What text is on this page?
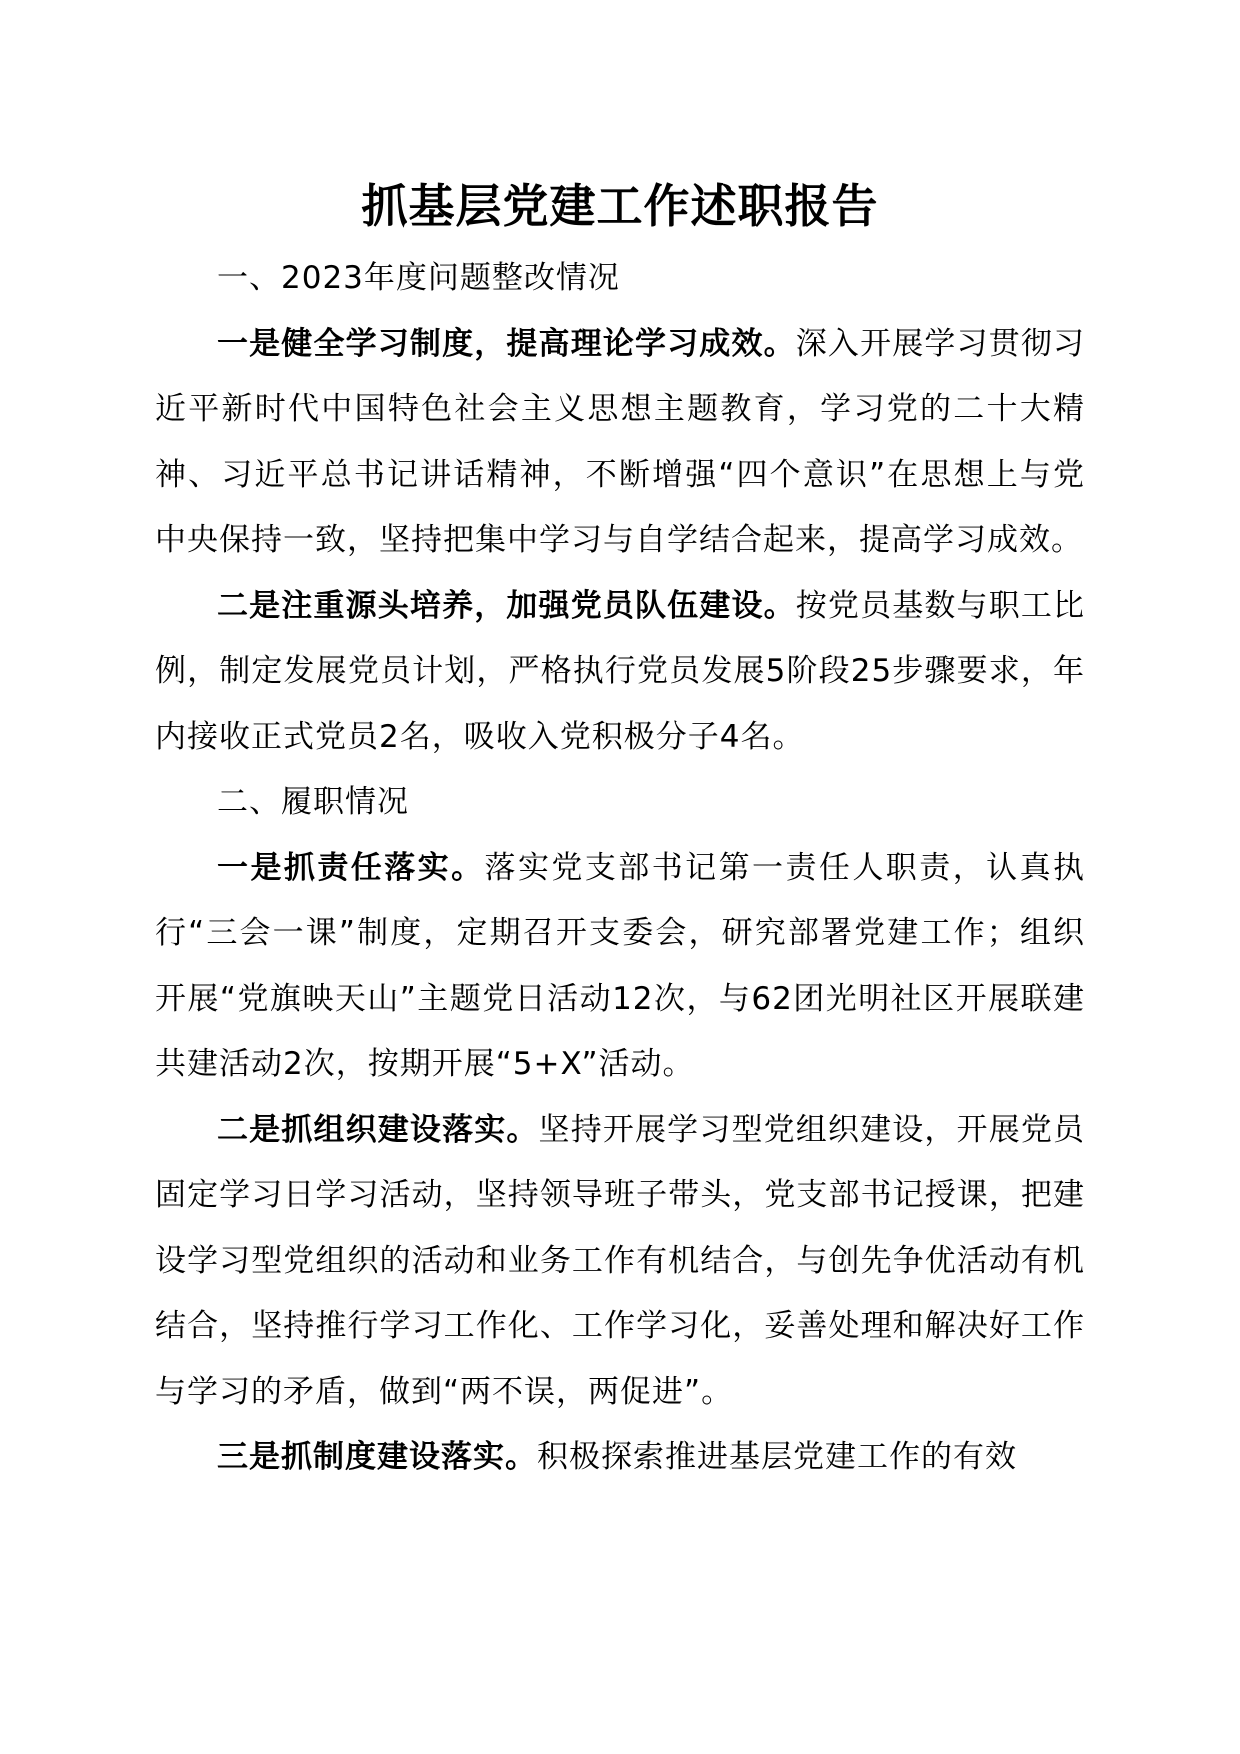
抓基层党建工作述职报告

一、2023年度问题整改情况

一是健全学习制度，提高理论学习成效。深入开展学习贯彻习近平新时代中国特色社会主义思想主题教育，学习党的二十大精神、习近平总书记讲话精神，不断增强“四个意识”在思想上与党中央保持一致，坚持把集中学习与自学结合起来，提高学习成效。

二是注重源头培养，加强党员队伍建设。按党员基数与职工比例，制定发展党员计划，严格执行党员发展5阶段25步骤要求，年内接收正式党员2名，吸收入党积极分子4名。

二、履职情况

一是抓责任落实。落实党支部书记第一责任人职责，认真执行“三会一课”制度，定期召开支委会，研究部署党建工作；组织开展“党旗映天山”主题党日活动12次，与62团光明社区开展联建共建活动2次，按期开展“5+X”活动。

二是抓组织建设落实。坚持开展学习型党组织建设，开展党员固定学习日学习活动，坚持领导班子带头，党支部书记授课，把建设学习型党组织的活动和业务工作有机结合，与创先争优活动有机结合，坚持推行学习工作化、工作学习化，妥善处理和解决好工作与学习的矛盾，做到“两不误，两促进”。

三是抓制度建设落实。积极探索推进基层党建工作的有效
